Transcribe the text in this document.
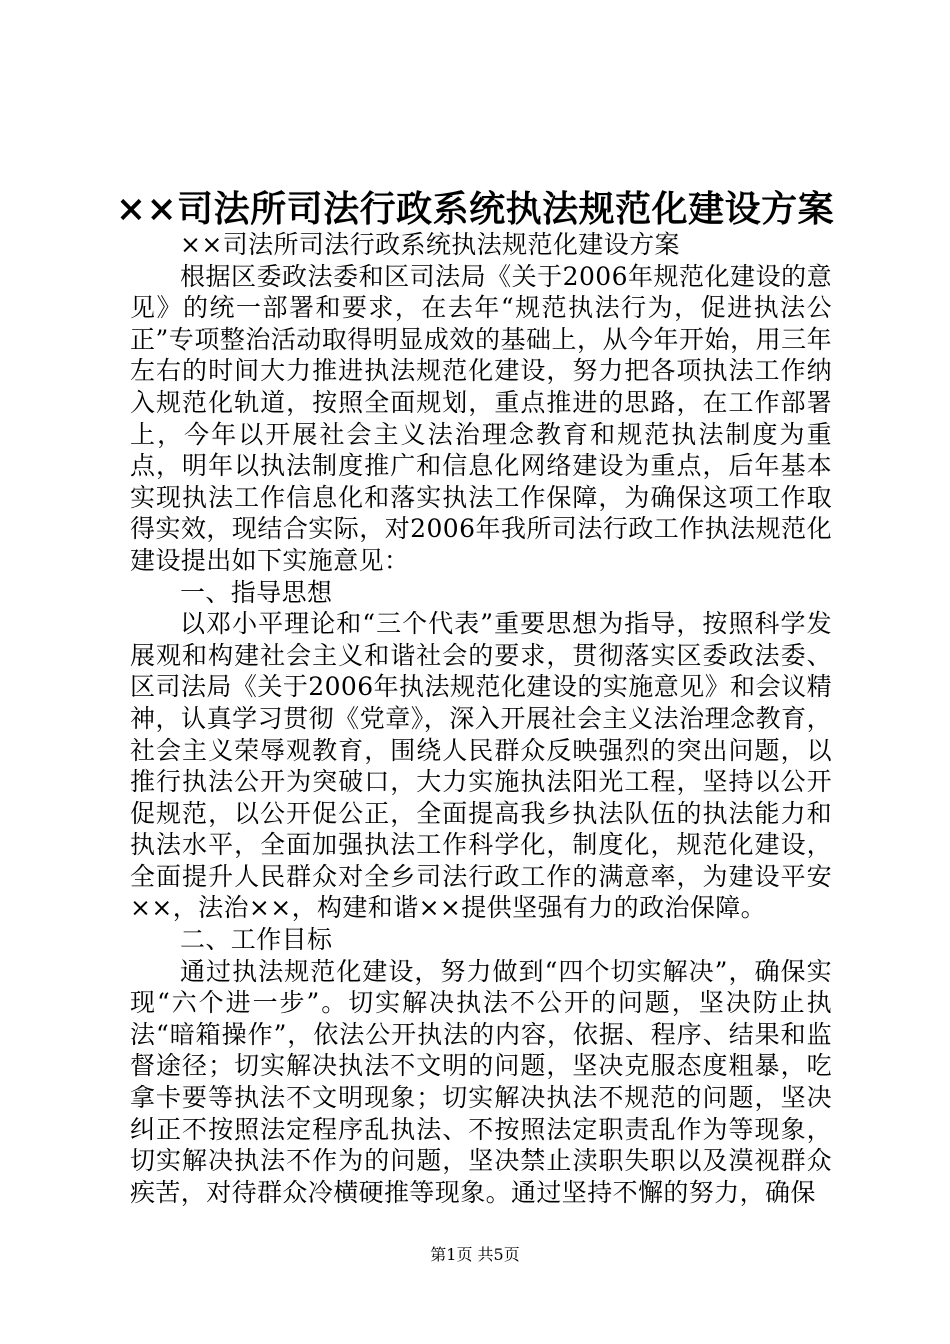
××司法所司法行政系统执法规范化建设方案

××司法所司法行政系统执法规范化建设方案

根据区委政法委和区司法局《关于2006年规范化建设的意见》的统一部署和要求，在去年“规范执法行为，促进执法公正”专项整治活动取得明显成效的基础上，从今年开始，用三年左右的时间大力推进执法规范化建设，努力把各项执法工作纳入规范化轨道，按照全面规划，重点推进的思路，在工作部署上，今年以开展社会主义法治理念教育和规范执法制度为重点，明年以执法制度推广和信息化网络建设为重点，后年基本实现执法工作信息化和落实执法工作保障，为确保这项工作取得实效，现结合实际，对2006年我所司法行政工作执法规范化建设提出如下实施意见：

一、指导思想

以邓小平理论和“三个代表”重要思想为指导，按照科学发展观和构建社会主义和谐社会的要求，贯彻落实区委政法委、区司法局《关于2006年执法规范化建设的实施意见》和会议精神，认真学习贯彻《党章》，深入开展社会主义法治理念教育，社会主义荣辱观教育，围绕人民群众反映强烈的突出问题，以推行执法公开为突破口，大力实施执法阳光工程，坚持以公开促规范，以公开促公正，全面提高我乡执法队伍的执法能力和执法水平，全面加强执法工作科学化，制度化，规范化建设，全面提升人民群众对全乡司法行政工作的满意率，为建设平安××，法治××，构建和谐××提供坚强有力的政治保障。

二、工作目标

通过执法规范化建设，努力做到“四个切实解决”，确保实现“六个进一步”。切实解决执法不公开的问题，坚决防止执法“暗箱操作”，依法公开执法的内容，依据、程序、结果和监督途径；切实解决执法不文明的问题，坚决克服态度粗暴，吃拿卡要等执法不文明现象；切实解决执法不规范的问题，坚决纠正不按照法定程序乱执法、不按照法定职责乱作为等现象，切实解决执法不作为的问题，坚决禁止渎职失职以及漠视群众疾苦，对待群众冷横硬推等现象。通过坚持不懈的努力，确保

第1页 共5页
